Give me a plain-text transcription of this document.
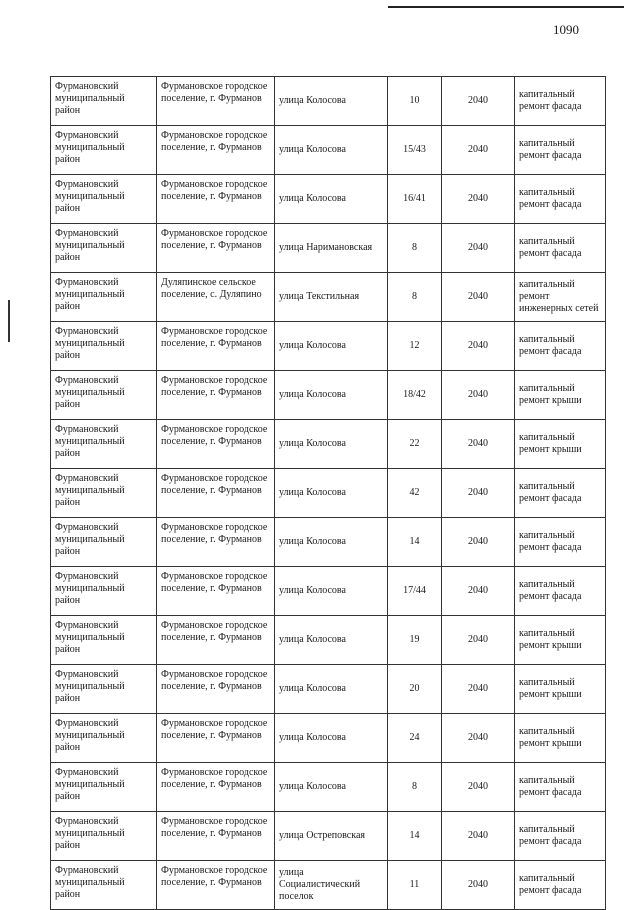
1090
Фурмановский муниципальный район	Фурмановское городское поселение, г. Фурманов	улица Колосова	10	2040	капитальный ремонт фасада
Фурмановский муниципальный район	Фурмановское городское поселение, г. Фурманов	улица Колосова	15/43	2040	капитальный ремонт фасада
Фурмановский муниципальный район	Фурмановское городское поселение, г. Фурманов	улица Колосова	16/41	2040	капитальный ремонт фасада
Фурмановский муниципальный район	Фурмановское городское поселение, г. Фурманов	улица Наримановская	8	2040	капитальный ремонт фасада
Фурмановский муниципальный район	Дуляпинское сельское поселение, с. Дуляпино	улица Текстильная	8	2040	капитальный ремонт инженерных сетей
Фурмановский муниципальный район	Фурмановское городское поселение, г. Фурманов	улица Колосова	12	2040	капитальный ремонт фасада
Фурмановский муниципальный район	Фурмановское городское поселение, г. Фурманов	улица Колосова	18/42	2040	капитальный ремонт крыши
Фурмановский муниципальный район	Фурмановское городское поселение, г. Фурманов	улица Колосова	22	2040	капитальный ремонт крыши
Фурмановский муниципальный район	Фурмановское городское поселение, г. Фурманов	улица Колосова	42	2040	капитальный ремонт фасада
Фурмановский муниципальный район	Фурмановское городское поселение, г. Фурманов	улица Колосова	14	2040	капитальный ремонт фасада
Фурмановский муниципальный район	Фурмановское городское поселение, г. Фурманов	улица Колосова	17/44	2040	капитальный ремонт фасада
Фурмановский муниципальный район	Фурмановское городское поселение, г. Фурманов	улица Колосова	19	2040	капитальный ремонт крыши
Фурмановский муниципальный район	Фурмановское городское поселение, г. Фурманов	улица Колосова	20	2040	капитальный ремонт крыши
Фурмановский муниципальный район	Фурмановское городское поселение, г. Фурманов	улица Колосова	24	2040	капитальный ремонт крыши
Фурмановский муниципальный район	Фурмановское городское поселение, г. Фурманов	улица Колосова	8	2040	капитальный ремонт фасада
Фурмановский муниципальный район	Фурмановское городское поселение, г. Фурманов	улица Остреповская	14	2040	капитальный ремонт фасада
Фурмановский муниципальный район	Фурмановское городское поселение, г. Фурманов	улица Социалистический поселок	11	2040	капитальный ремонт фасада
